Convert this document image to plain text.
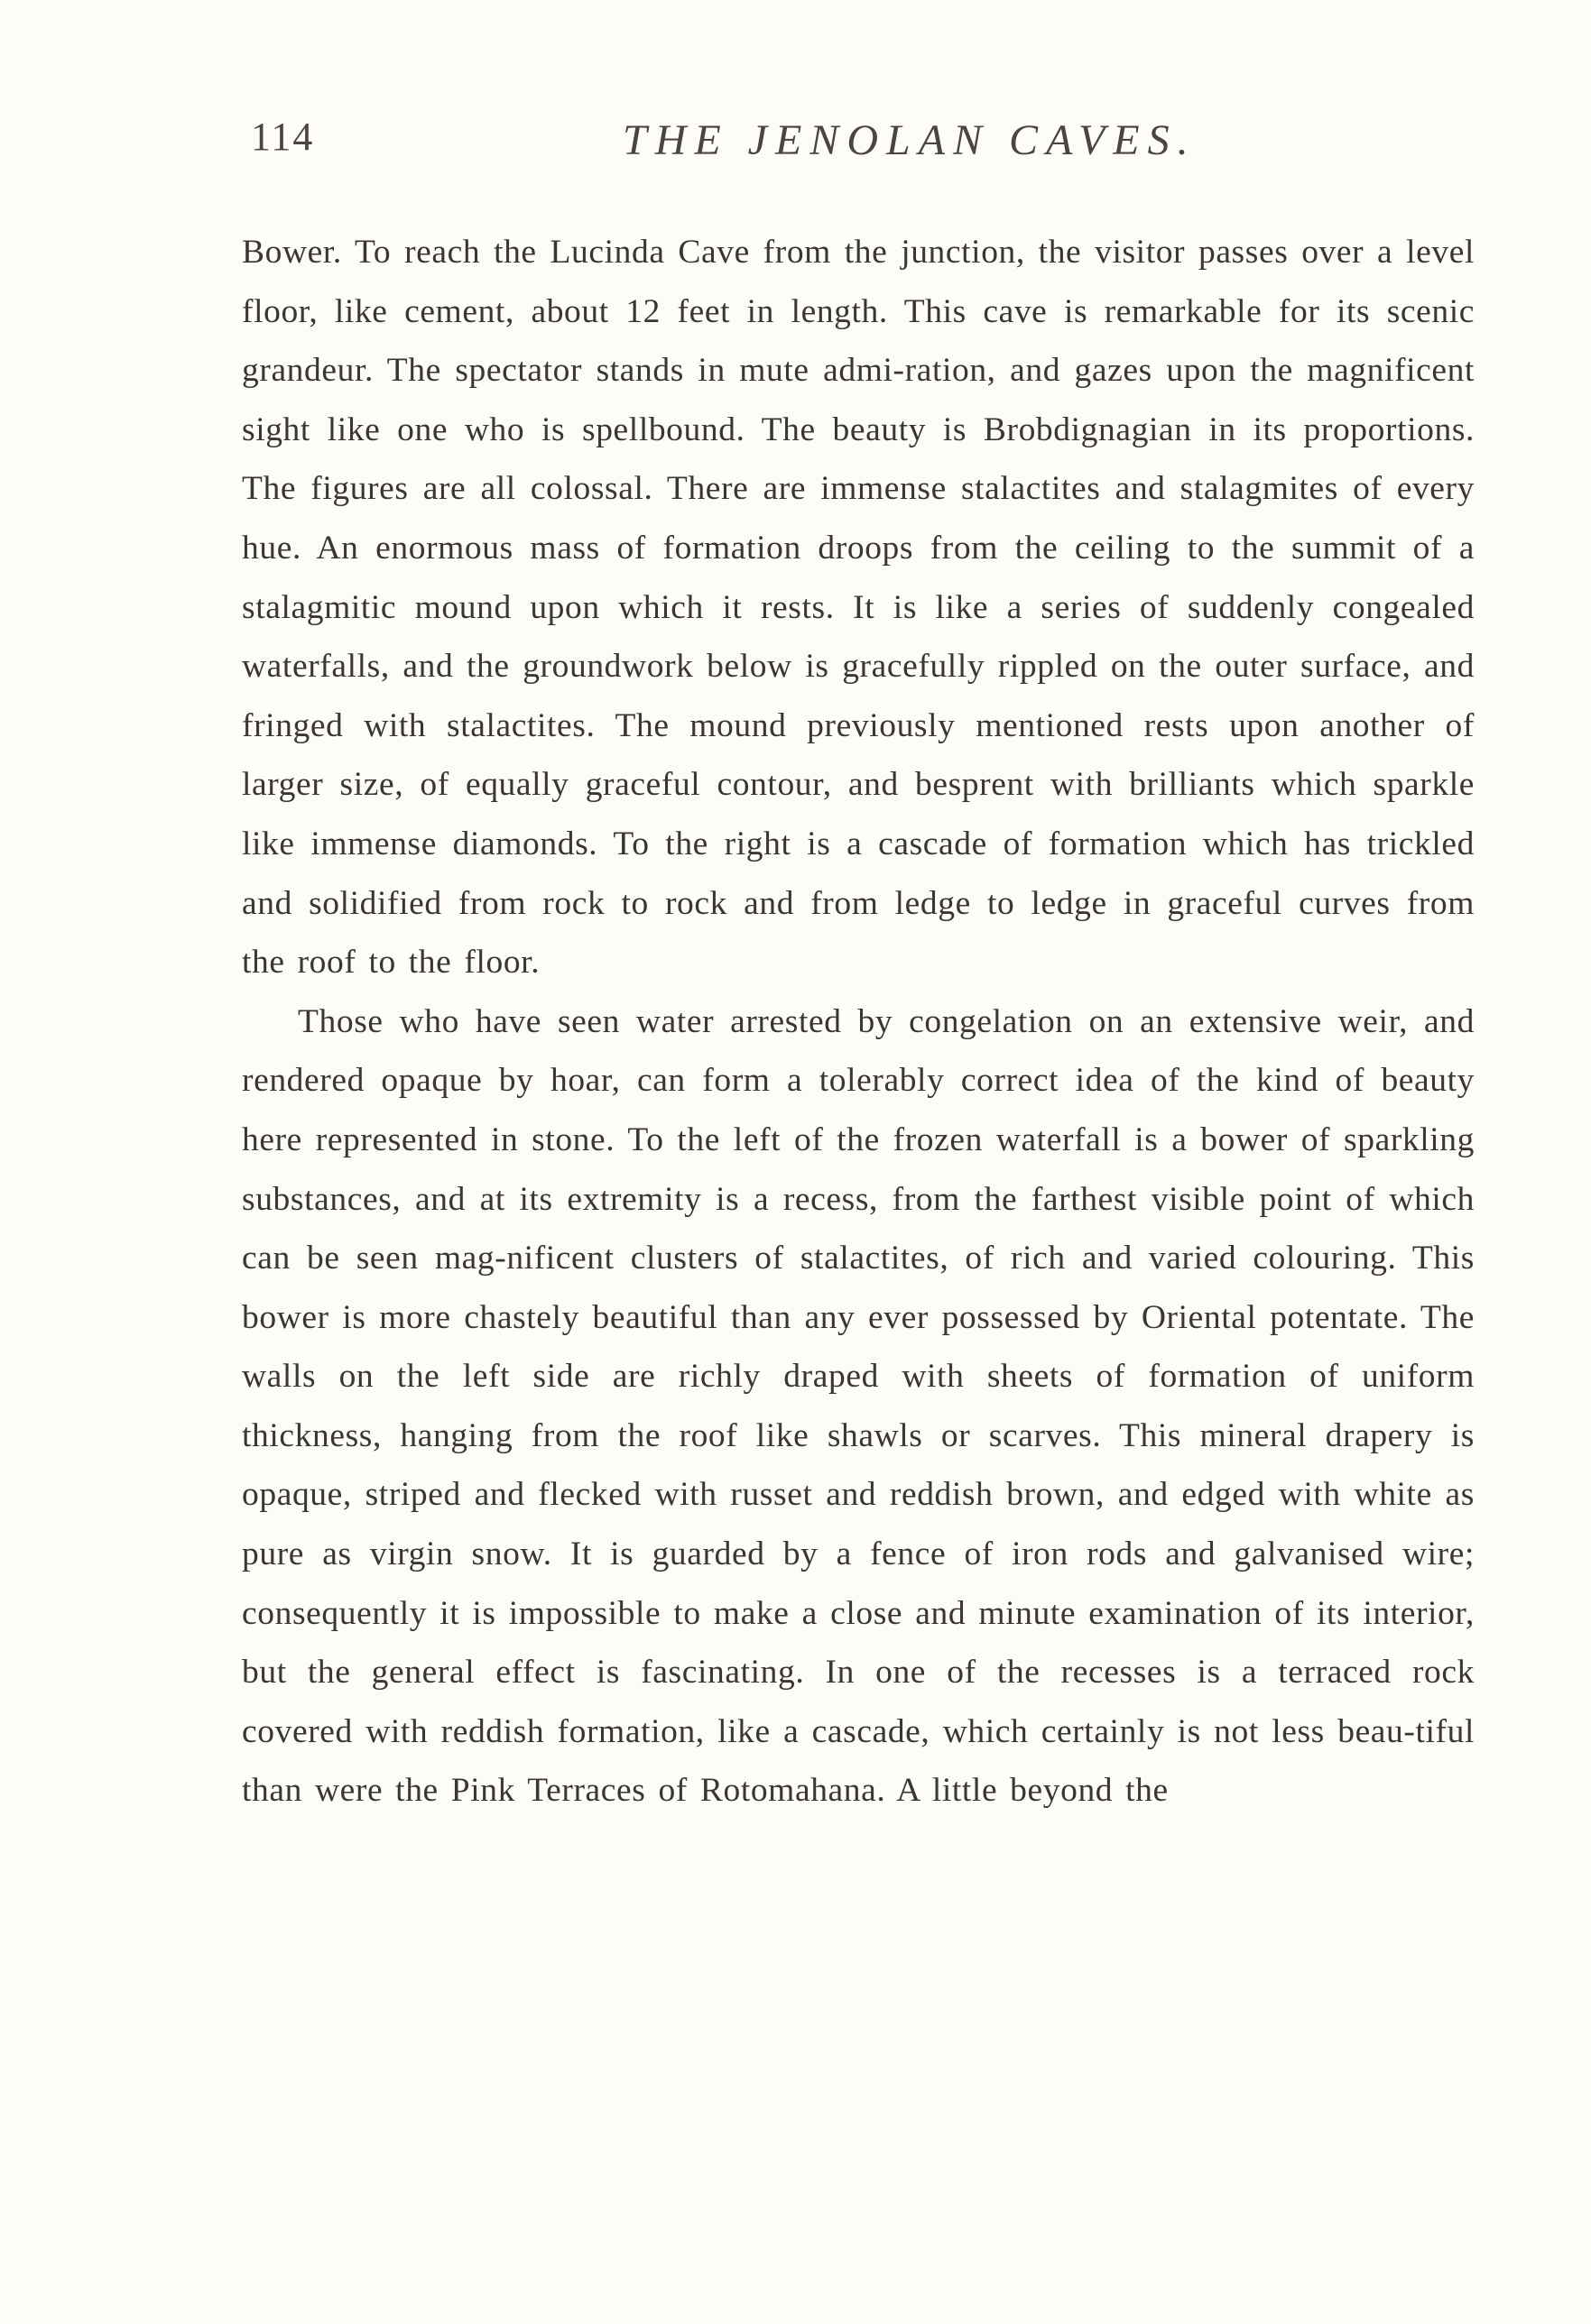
114	THE JENOLAN CAVES.

Bower. To reach the Lucinda Cave from the junction, the visitor passes over a level floor, like cement, about 12 feet in length. This cave is remarkable for its scenic grandeur. The spectator stands in mute admi-ration, and gazes upon the magnificent sight like one who is spellbound. The beauty is Brobdignagian in its proportions. The figures are all colossal. There are immense stalactites and stalagmites of every hue. An enormous mass of formation droops from the ceiling to the summit of a stalagmitic mound upon which it rests. It is like a series of suddenly congealed waterfalls, and the groundwork below is gracefully rippled on the outer surface, and fringed with stalactites. The mound previously mentioned rests upon another of larger size, of equally graceful contour, and besprent with brilliants which sparkle like immense diamonds. To the right is a cascade of formation which has trickled and solidified from rock to rock and from ledge to ledge in graceful curves from the roof to the floor.

Those who have seen water arrested by congelation on an extensive weir, and rendered opaque by hoar, can form a tolerably correct idea of the kind of beauty here represented in stone. To the left of the frozen waterfall is a bower of sparkling substances, and at its extremity is a recess, from the farthest visible point of which can be seen mag-nificent clusters of stalactites, of rich and varied colouring. This bower is more chastely beautiful than any ever possessed by Oriental potentate. The walls on the left side are richly draped with sheets of formation of uniform thickness, hanging from the roof like shawls or scarves. This mineral drapery is opaque, striped and flecked with russet and reddish brown, and edged with white as pure as virgin snow. It is guarded by a fence of iron rods and galvanised wire; consequently it is impossible to make a close and minute examination of its interior, but the general effect is fascinating. In one of the recesses is a terraced rock covered with reddish formation, like a cascade, which certainly is not less beau-tiful than were the Pink Terraces of Rotomahana. A little beyond the
